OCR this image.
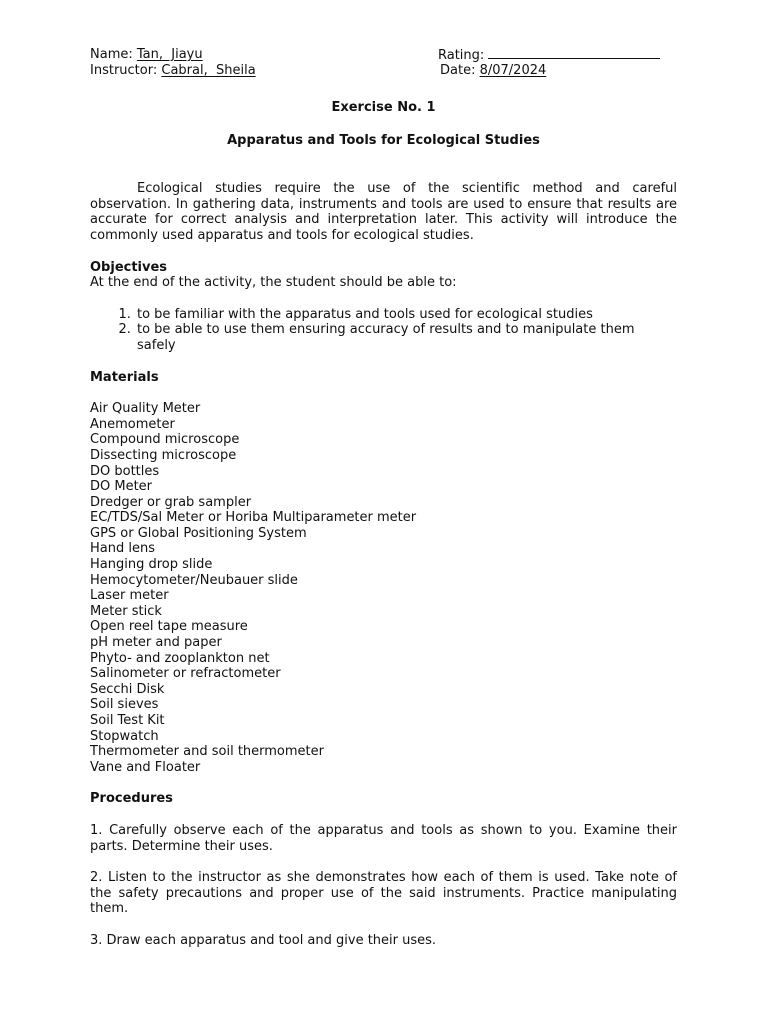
Name: Tan,  Jiayu	Rating:
Instructor: Cabral,  Sheila	Date: 8/07/2024
Exercise No. 1
Apparatus and Tools for Ecological Studies

Ecological studies require the use of the scientific method and careful observation. In gathering data, instruments and tools are used to ensure that results are accurate for correct analysis and interpretation later. This activity will introduce the commonly used apparatus and tools for ecological studies.

Objectives
At the end of the activity, the student should be able to:
1. to be familiar with the apparatus and tools used for ecological studies
2. to be able to use them ensuring accuracy of results and to manipulate them safely
Materials
Air Quality Meter
Anemometer
Compound microscope
Dissecting microscope
DO bottles
DO Meter
Dredger or grab sampler
EC/TDS/Sal Meter or Horiba Multiparameter meter
GPS or Global Positioning System
Hand lens
Hanging drop slide
Hemocytometer/Neubauer slide
Laser meter
Meter stick
Open reel tape measure
pH meter and paper
Phyto- and zooplankton net
Salinometer or refractometer
Secchi Disk
Soil sieves
Soil Test Kit
Stopwatch
Thermometer and soil thermometer
Vane and Floater
Procedures
1. Carefully observe each of the apparatus and tools as shown to you. Examine their parts. Determine their uses.
2. Listen to the instructor as she demonstrates how each of them is used. Take note of the safety precautions and proper use of the said instruments. Practice manipulating them.
3. Draw each apparatus and tool and give their uses.
